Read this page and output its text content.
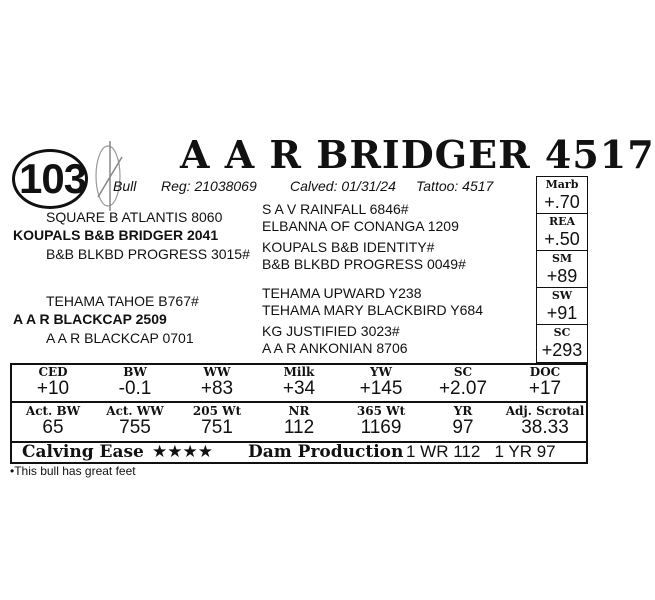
103
A A R BRIDGER 4517
Bull Reg: 21038069 Calved: 01/31/24 Tattoo: 4517
SQUARE B ATLANTIS 8060
KOUPALS B&B BRIDGER 2041
B&B BLKBD PROGRESS 3015#
TEHAMA TAHOE B767#
A A R BLACKCAP 2509
A A R BLACKCAP 0701
S A V RAINFALL 6846#
ELBANNA OF CONANGA 1209
KOUPALS B&B IDENTITY#
B&B BLKBD PROGRESS 0049#
TEHAMA UPWARD Y238
TEHAMA MARY BLACKBIRD Y684
KG JUSTIFIED 3023#
A A R ANKONIAN 8706
Marb
+.70
REA
+.50
SM
+89
SW
+91
SC
+293
CED	BW	WW	Milk	YW	SC	DOC
+10	-0.1	+83	+34	+145	+2.07	+17
Act. BW	Act. WW	205 Wt	NR	365 Wt	YR	Adj. Scrotal
65	755	751	112	1169	97	38.33
Calving Ease ★★★★ Dam Production 1 WR 112   1 YR 97
•This bull has great feet
